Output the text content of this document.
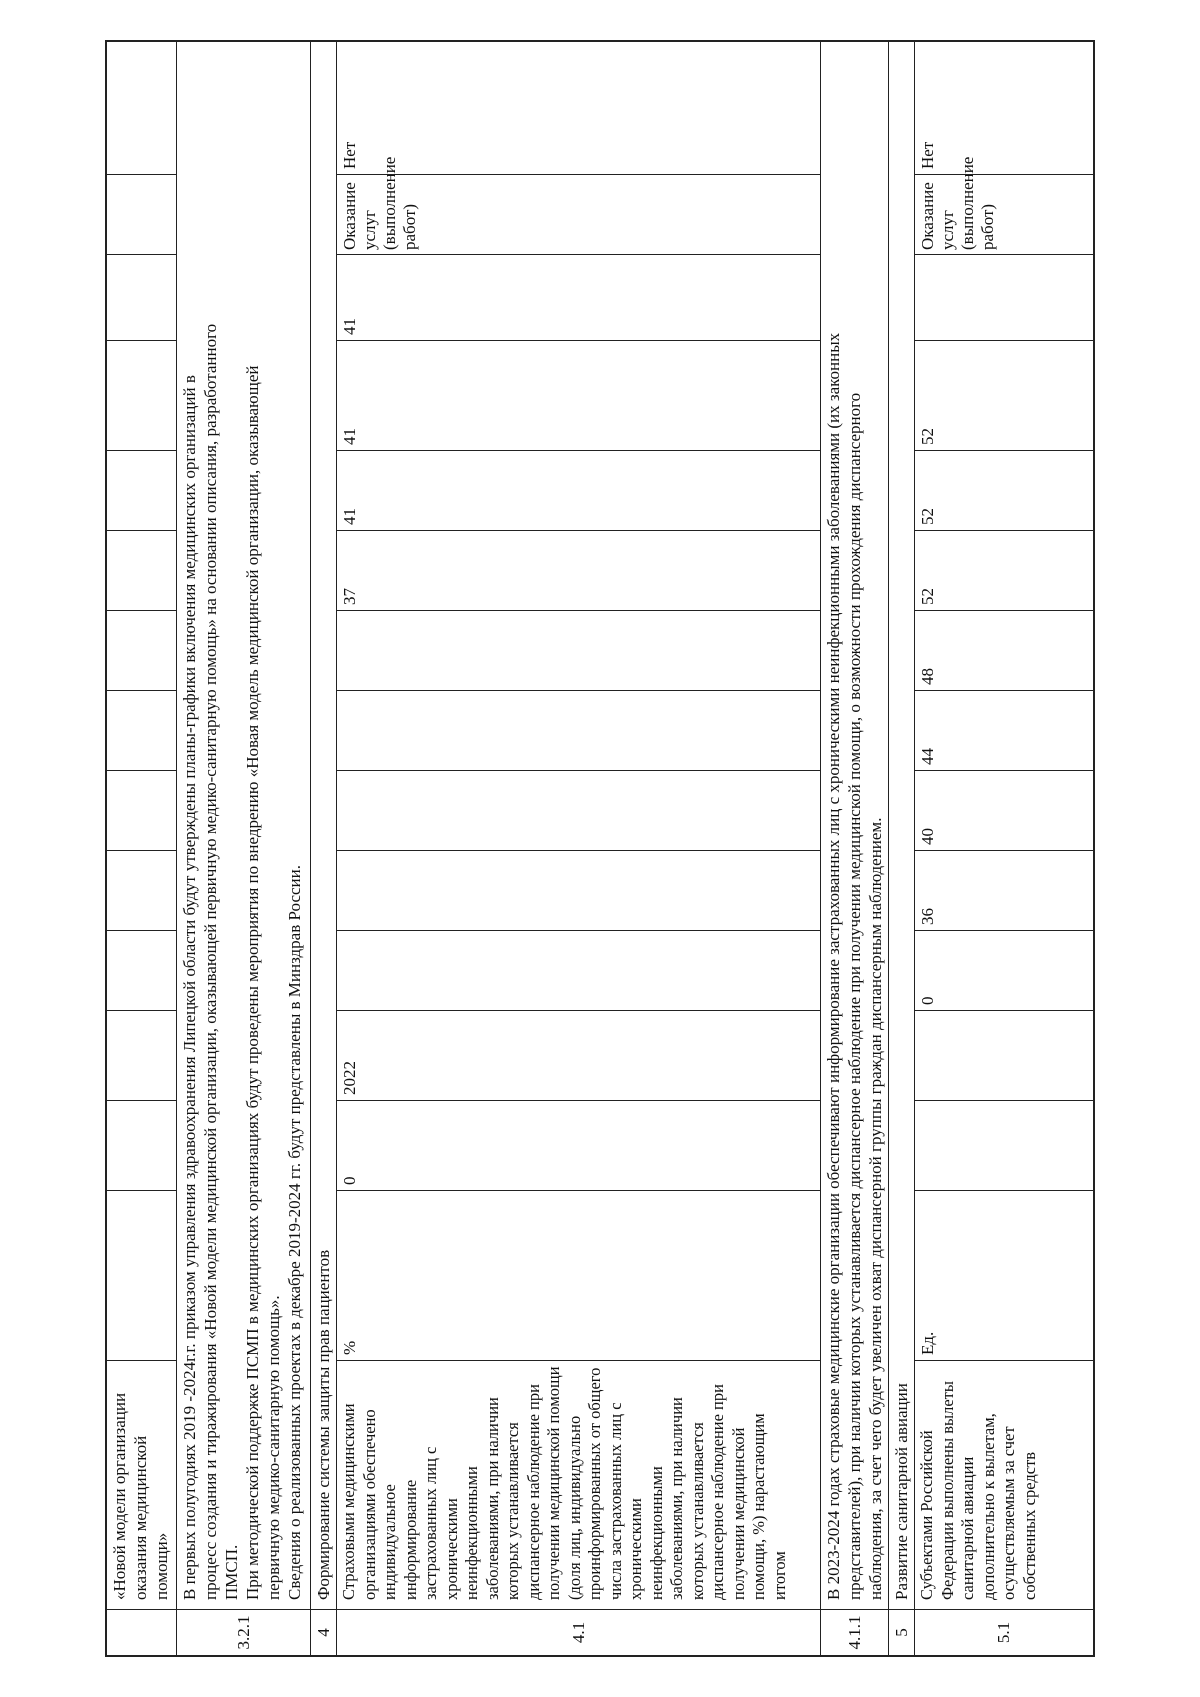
«Новой модели организации оказания медицинской помощи»
3.2.1
В первых полугодиях 2019 -2024г.г. приказом управления здравоохранения Липецкой области будут утверждены планы-графики включения медицинских организаций в процесс создания и тиражирования «Новой модели медицинской организации, оказывающей первичную медико-санитарную помощь» на основании описания, разработанного ПМСП. При методической поддержке ПСМП в медицинских организациях будут проведены мероприятия по внедрению «Новая модель медицинской организации, оказывающей первичную медико-санитарную помощь». Сведения о реализованных проектах в декабре 2019-2024 гг. будут представлены в Минздрав России.
4
Формирование системы защиты прав пациентов
4.1
Страховыми медицинскими организациями обеспечено индивидуальное информирование застрахованных лиц с хроническими неинфекционными заболеваниями, при наличии которых устанавливается диспансерное наблюдение при получении медицинской помощи (доля лиц, индивидуально проинформированных от общего числа застрахованных лиц с хроническими неинфекционными заболеваниями, при наличии которых устанавливается диспансерное наблюдение при получении медицинской помощи, %) нарастающим итогом
%
0
2022
37
41
41
41
Оказание услуг (выполнение работ)
Нет
4.1.1
В 2023-2024 годах страховые медицинские организации обеспечивают информирование застрахованных лиц с хроническими неинфекционными заболеваниями (их законных представителей), при наличии которых устанавливается диспансерное наблюдение при получении медицинской помощи, о возможности прохождения диспансерного наблюдения, за счет чего будет увеличен охват диспансерной группы граждан диспансерным наблюдением.
5
Развитие санитарной авиации
5.1
Субъектами Российской Федерации выполнены вылеты санитарной авиации дополнительно к вылетам, осуществляемым за счет собственных средств
Ед.
0
36
40
44
48
52
52
52
Оказание услуг (выполнение работ)
Нет
